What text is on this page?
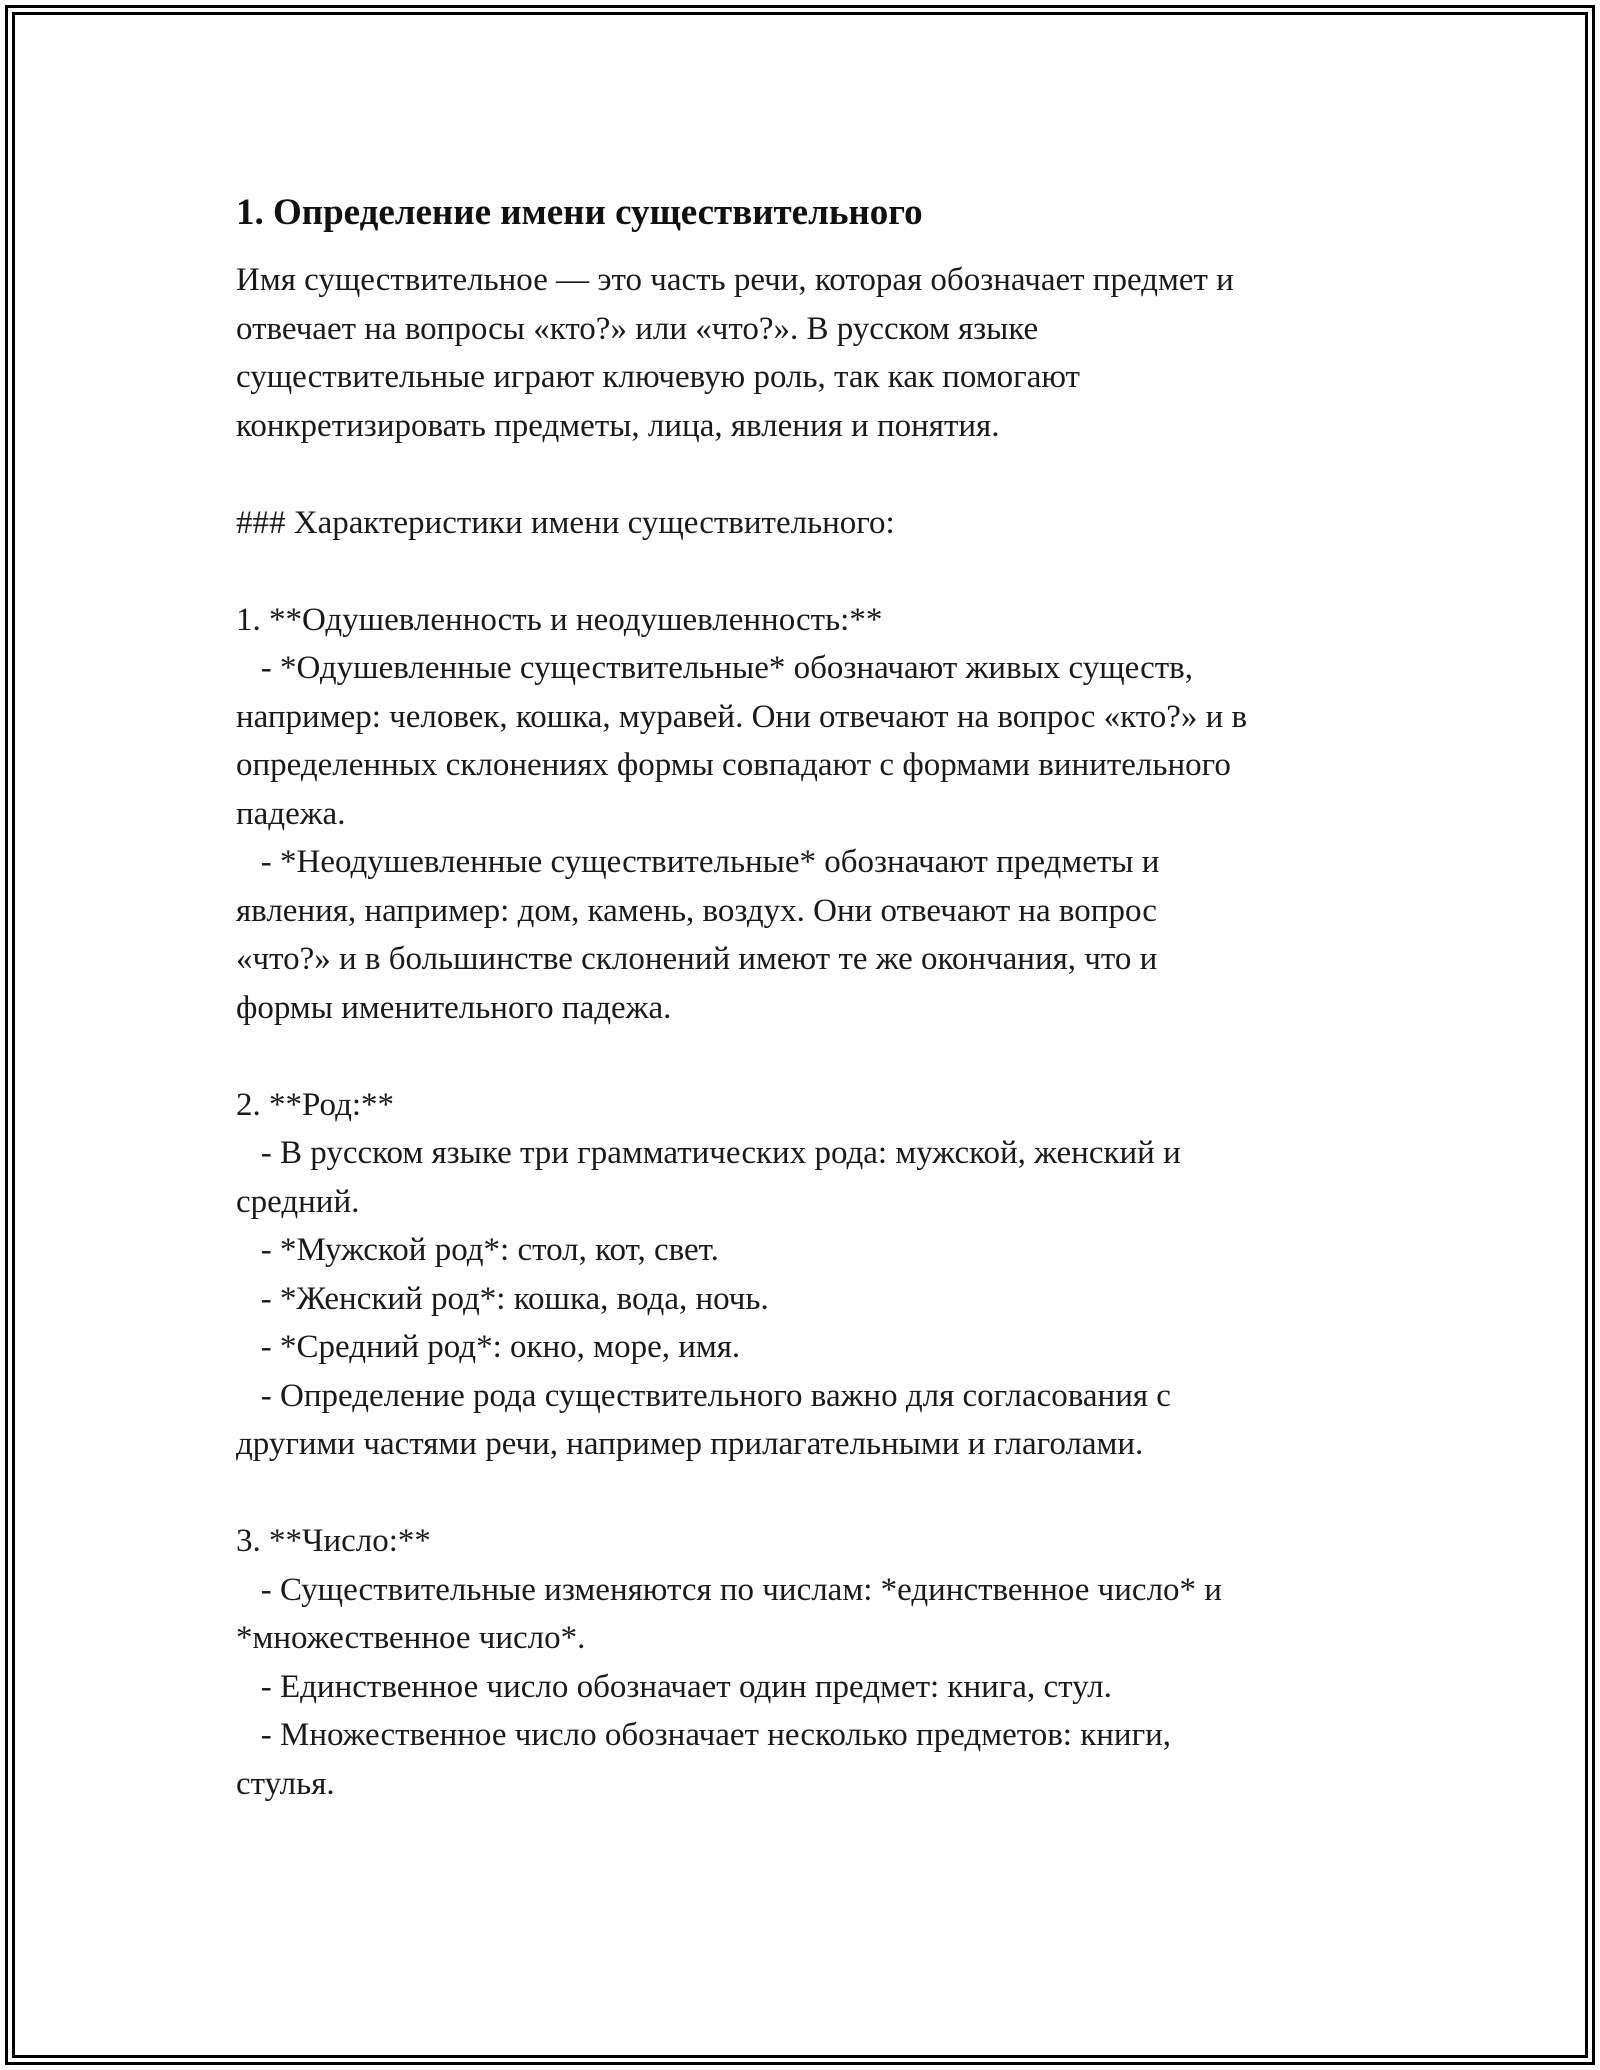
1. Определение имени существительного

Имя существительное — это часть речи, которая обозначает предмет и
отвечает на вопросы «кто?» или «что?». В русском языке
существительные играют ключевую роль, так как помогают
конкретизировать предметы, лица, явления и понятия.

### Характеристики имени существительного:

1. **Одушевленность и неодушевленность:**
- *Одушевленные существительные* обозначают живых существ,
например: человек, кошка, муравей. Они отвечают на вопрос «кто?» и в
определенных склонениях формы совпадают с формами винительного
падежа.
- *Неодушевленные существительные* обозначают предметы и
явления, например: дом, камень, воздух. Они отвечают на вопрос
«что?» и в большинстве склонений имеют те же окончания, что и
формы именительного падежа.

2. **Род:**
- В русском языке три грамматических рода: мужской, женский и
средний.
- *Мужской род*: стол, кот, свет.
- *Женский род*: кошка, вода, ночь.
- *Средний род*: окно, море, имя.
- Определение рода существительного важно для согласования с
другими частями речи, например прилагательными и глаголами.

3. **Число:**
- Существительные изменяются по числам: *единственное число* и
*множественное число*.
- Единственное число обозначает один предмет: книга, стул.
- Множественное число обозначает несколько предметов: книги,
стулья.
